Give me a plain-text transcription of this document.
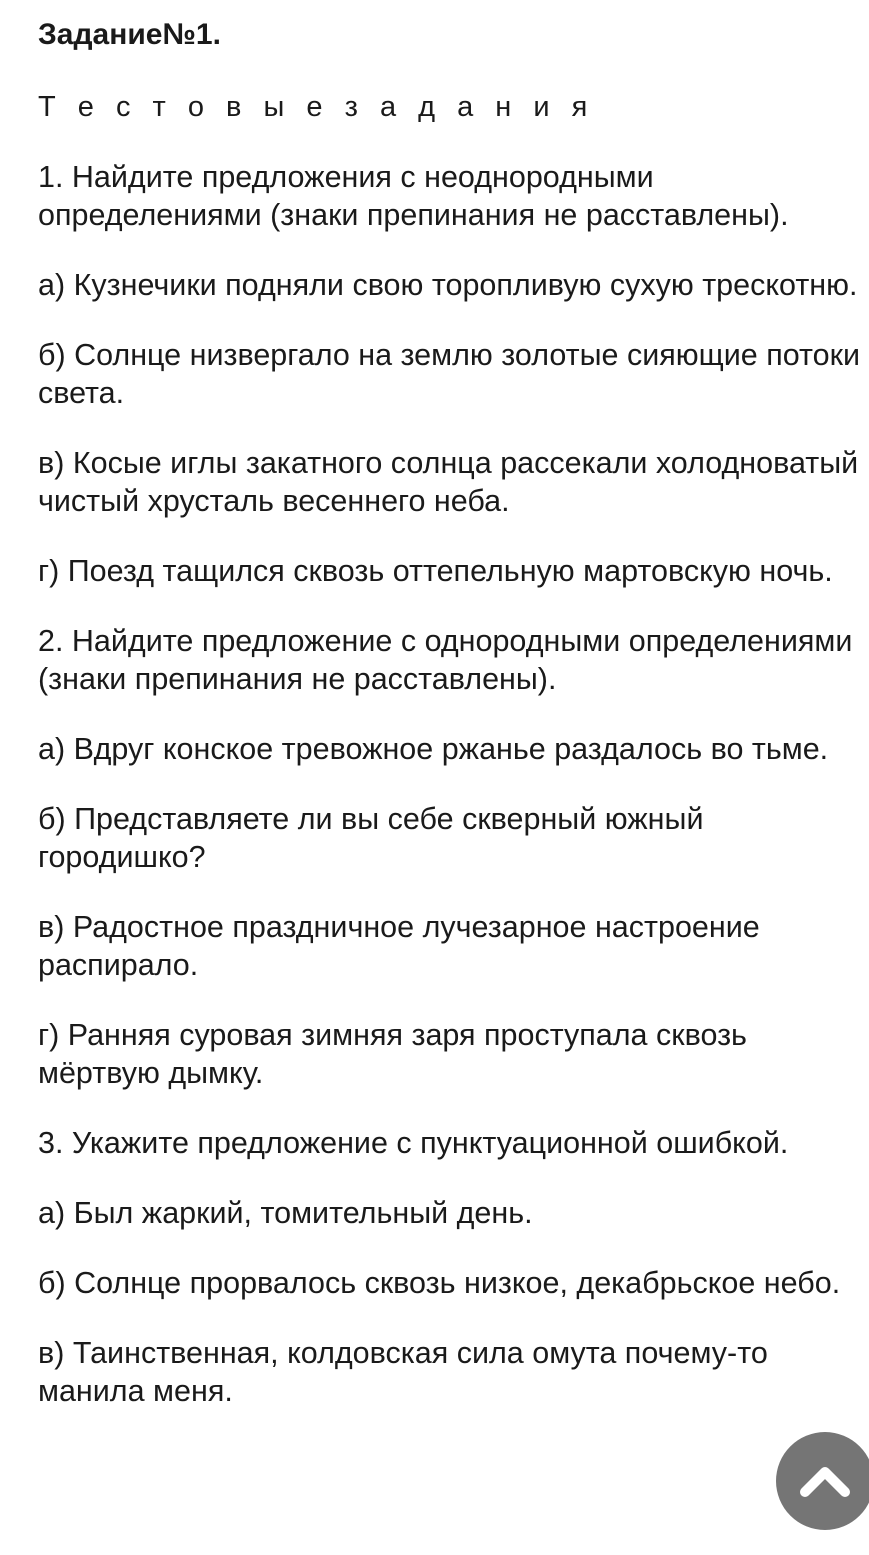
Задание№1.
Т е с т о в ы е з а д а н и я
1. Найдите предложения с неоднородными определениями (знаки препинания не расставлены).
а) Кузнечики подняли свою торопливую сухую трескотню.
б) Солнце низвергало на землю золотые сияющие потоки света.
в) Косые иглы закатного солнца рассекали холодноватый чистый хрусталь весеннего неба.
г) Поезд тащился сквозь оттепельную мартовскую ночь.
2. Найдите предложение с однородными определениями (знаки препинания не расставлены).
а) Вдруг конское тревожное ржанье раздалось во тьме.
б) Представляете ли вы себе скверный южный городишко?
в) Радостное праздничное лучезарное настроение распирало.
г) Ранняя суровая зимняя заря проступала сквозь мёртвую дымку.
3. Укажите предложение с пунктуационной ошибкой.
а) Был жаркий, томительный день.
б) Солнце прорвалось сквозь низкое, декабрьское небо.
в) Таинственная, колдовская сила омута почему-то манила меня.
